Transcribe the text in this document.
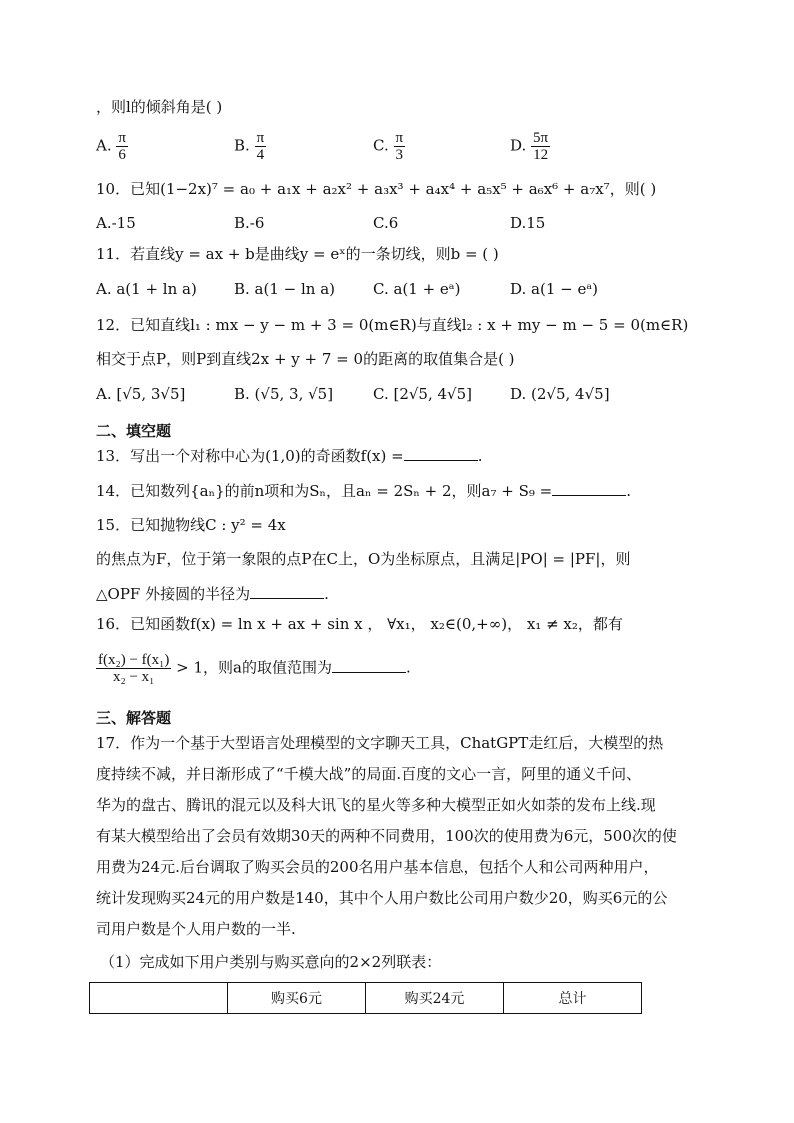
，则l的倾斜角是( )
A. $\frac{\pi}{6}$	B. $\frac{\pi}{4}$	C. $\frac{\pi}{3}$	D. $\frac{5\pi}{12}$
10．已知(1−2x)⁷ = a₀ + a₁x + a₂x² + a₃x³ + a₄x⁴ + a₅x⁵ + a₆x⁶ + a₇x⁷，则( )
A.-15	B.-6	C.6	D.15
11．若直线y = ax + b是曲线y = eˣ的一条切线，则b = ( )
A. a(1 + ln a) B. a(1 − ln a)	C. a(1 + eᵃ)	D. a(1 − eᵃ)
12．已知直线l₁ : mx − y − m + 3 = 0(m∈R)与直线l₂ : x + my − m − 5 = 0(m∈R)
相交于点P，则P到直线2x + y + 7 = 0的距离的取值集合是( )
A. [√5, 3√5]	B. (√5, 3, √5]	C. [2√5, 4√5]	D. (2√5, 4√5]
二、填空题
13．写出一个对称中心为(1,0)的奇函数f(x) =	.
14．已知数列{aₙ}的前n项和为Sₙ，且aₙ = 2Sₙ + 2，则a₇ + S₉ =	.
15．已知抛物线C : y² = 4x
的焦点为F，位于第一象限的点P在C上，O为坐标原点，且满足|PO| = |PF|，则
△OPF 外接圆的半径为	.
16．已知函数f(x) = ln x + ax + sin x ， ∀x₁， x₂∈(0,+∞)， x₁ ≠ x₂，都有
$\frac{\text{f(x₂) − f(x₁)}}{\text{x₂ − x₁}} > 1$，则a的取值范围为	.
三、解答题
17．作为一个基于大型语言处理模型的文字聊天工具，ChatGPT走红后，大模型的热
度持续不减，并日渐形成了“千模大战”的局面.百度的文心一言，阿里的通义千问、
华为的盘古、腾讯的混元以及科大讯飞的星火等多种大模型正如火如荼的发布上线.现
有某大模型给出了会员有效期30天的两种不同费用，100次的使用费为6元，500次的使
用费为24元.后台调取了购买会员的200名用户基本信息，包括个人和公司两种用户，
统计发现购买24元的用户数是140，其中个人用户数比公司用户数少20，购买6元的公
司用户数是个人用户数的一半.
（1）完成如下用户类别与购买意向的2×2列联表：
	购买6元	购买24元	总计
